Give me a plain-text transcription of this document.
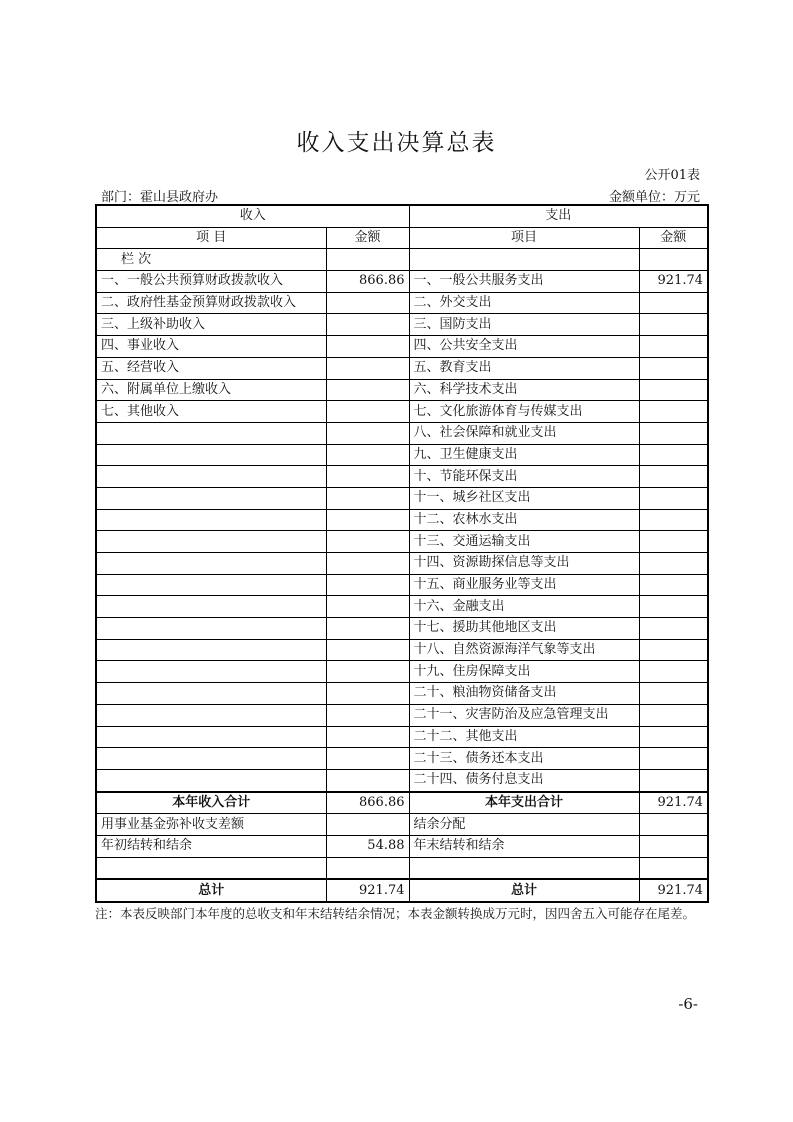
收入支出决算总表
公开01表
部门：霍山县政府办	金额单位：万元
收入		支出	
项 目	金额	项目	金额
栏 次			
一、一般公共预算财政拨款收入	866.86	一、一般公共服务支出	921.74
二、政府性基金预算财政拨款收入		二、外交支出	
三、上级补助收入		三、国防支出	
四、事业收入		四、公共安全支出	
五、经营收入		五、教育支出	
六、附属单位上缴收入		六、科学技术支出	
七、其他收入		七、文化旅游体育与传媒支出	
		八、社会保障和就业支出	
		九、卫生健康支出	
		十、节能环保支出	
		十一、城乡社区支出	
		十二、农林水支出	
		十三、交通运输支出	
		十四、资源勘探信息等支出	
		十五、商业服务业等支出	
		十六、金融支出	
		十七、援助其他地区支出	
		十八、自然资源海洋气象等支出	
		十九、住房保障支出	
		二十、粮油物资储备支出	
		二十一、灾害防治及应急管理支出	
		二十二、其他支出	
		二十三、债务还本支出	
		二十四、债务付息支出	
本年收入合计	866.86	本年支出合计	921.74
用事业基金弥补收支差额		结余分配	
年初结转和结余	54.88	年末结转和结余	

总计	921.74	总计	921.74
注：本表反映部门本年度的总收支和年末结转结余情况；本表金额转换成万元时，因四舍五入可能存在尾差。
-6-
